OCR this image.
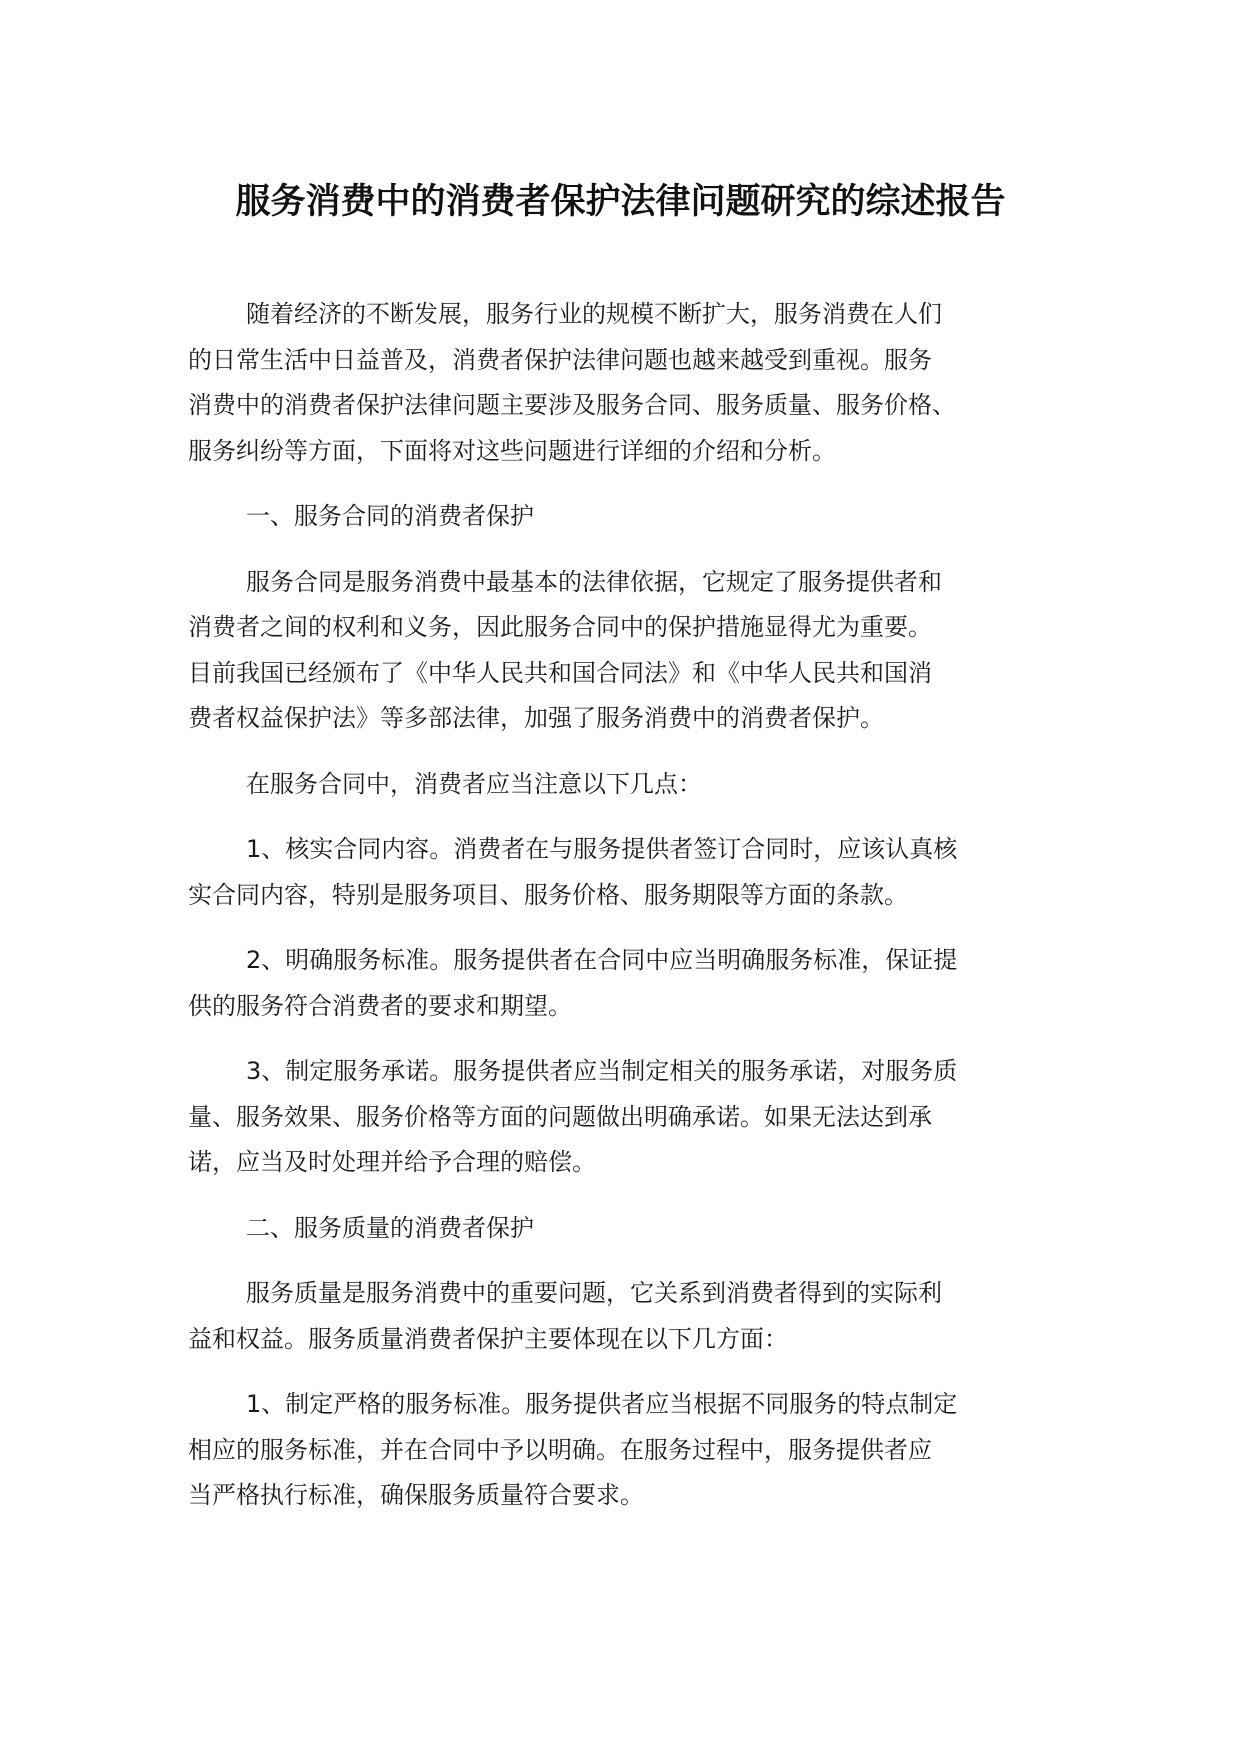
服务消费中的消费者保护法律问题研究的综述报告

随着经济的不断发展，服务行业的规模不断扩大，服务消费在人们
的日常生活中日益普及，消费者保护法律问题也越来越受到重视。服务
消费中的消费者保护法律问题主要涉及服务合同、服务质量、服务价格、
服务纠纷等方面，下面将对这些问题进行详细的介绍和分析。

一、服务合同的消费者保护

服务合同是服务消费中最基本的法律依据，它规定了服务提供者和
消费者之间的权利和义务，因此服务合同中的保护措施显得尤为重要。
目前我国已经颁布了《中华人民共和国合同法》和《中华人民共和国消
费者权益保护法》等多部法律，加强了服务消费中的消费者保护。

在服务合同中，消费者应当注意以下几点：

1、核实合同内容。消费者在与服务提供者签订合同时，应该认真核
实合同内容，特别是服务项目、服务价格、服务期限等方面的条款。

2、明确服务标准。服务提供者在合同中应当明确服务标准，保证提
供的服务符合消费者的要求和期望。

3、制定服务承诺。服务提供者应当制定相关的服务承诺，对服务质
量、服务效果、服务价格等方面的问题做出明确承诺。如果无法达到承
诺，应当及时处理并给予合理的赔偿。

二、服务质量的消费者保护

服务质量是服务消费中的重要问题，它关系到消费者得到的实际利
益和权益。服务质量消费者保护主要体现在以下几方面：

1、制定严格的服务标准。服务提供者应当根据不同服务的特点制定
相应的服务标准，并在合同中予以明确。在服务过程中，服务提供者应
当严格执行标准，确保服务质量符合要求。
